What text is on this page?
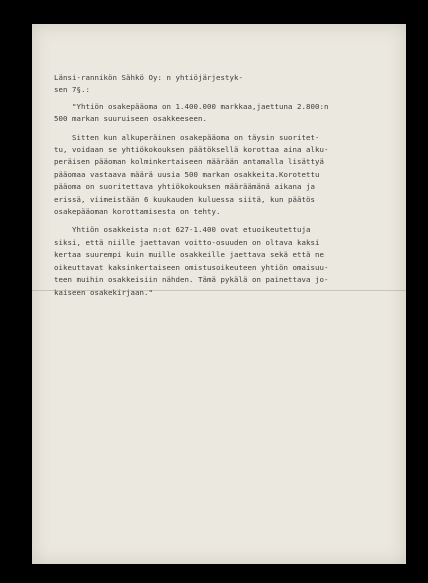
Länsi-rannikön Sähkö Oy: n yhtiöjärjestyk-
sen 7§.:
"Yhtiön osakepääoma on 1.400.000 markkaa,jaettuna 2.800:n
500 markan suuruiseen osakkeeseen.
Sitten kun alkuperäinen osakepääoma on täysin suoritet-
tu, voidaan se yhtiökokouksen päätöksellä korottaa aina alku-
peräisen pääoman kolminkertaiseen määrään antamalla lisättyä
pääomaa vastaava määrä uusia 500 markan osakkeita.Korotettu
pääoma on suoritettava yhtiökokouksen määräämänä aikana ja
erissä, viimeistään 6 kuukauden kuluessa siitä, kun päätös
osakepääoman korottamisesta on tehty.
Yhtiön osakkeista n:ot 627-1.400 ovat etuoikeutettuja
siksi, että niille jaettavan voitto-osuuden on oltava kaksi
kertaa suurempi kuin muille osakkeille jaettava sekä että ne
oikeuttavat kaksinkertaiseen omistusoikeuteen yhtiön omaisuu-
teen muihin osakkeisiin nähden. Tämä pykälä on painettava jo-
kaiseen osakekirjaan."
